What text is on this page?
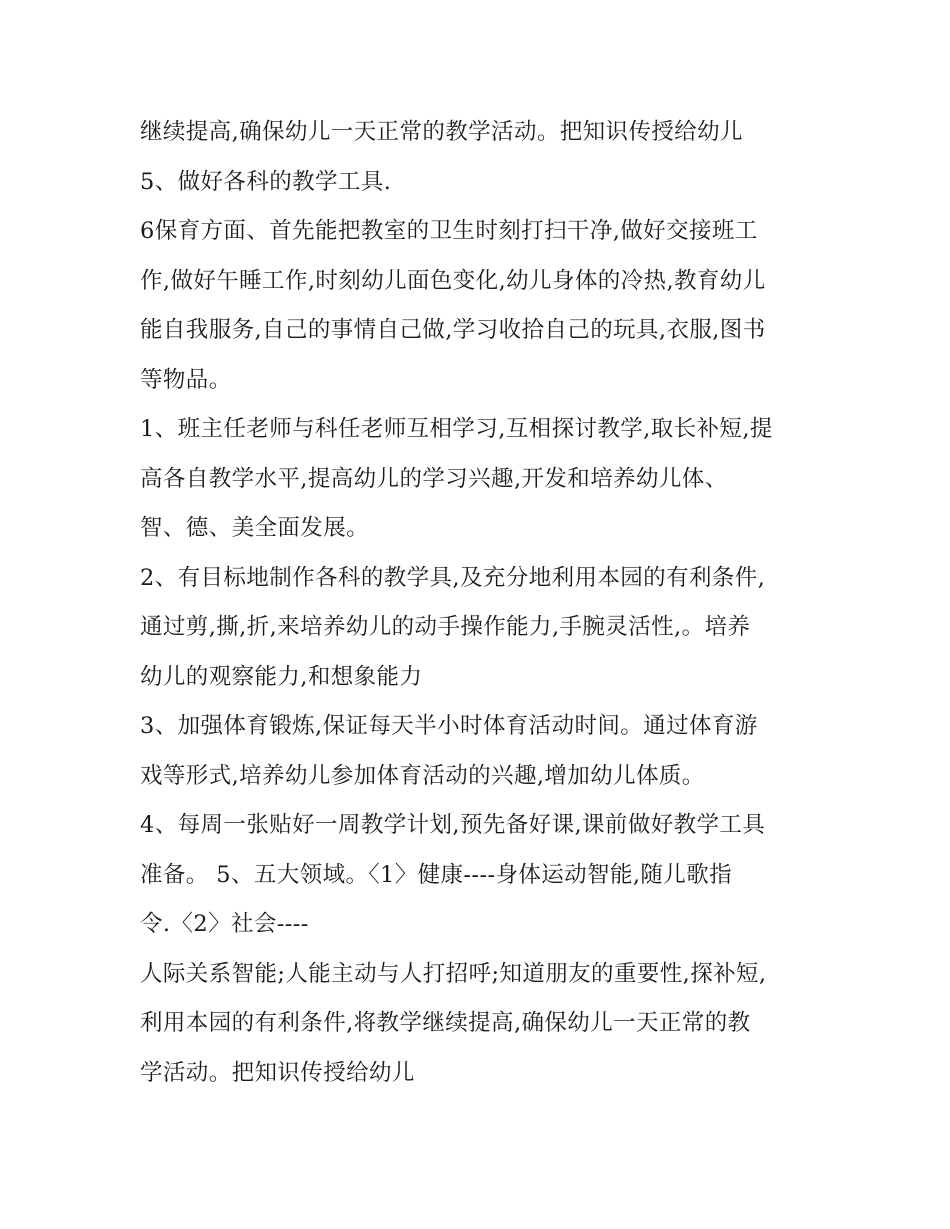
继续提高,确保幼儿一天正常的教学活动。把知识传授给幼儿
5、做好各科的教学工具.
6保育方面、首先能把教室的卫生时刻打扫干净,做好交接班工
作,做好午睡工作,时刻幼儿面色变化,幼儿身体的冷热,教育幼儿
能自我服务,自己的事情自己做,学习收拾自己的玩具,衣服,图书
等物品。
1、班主任老师与科任老师互相学习,互相探讨教学,取长补短,提
高各自教学水平,提高幼儿的学习兴趣,开发和培养幼儿体、
智、德、美全面发展。
2、有目标地制作各科的教学具,及充分地利用本园的有利条件,
通过剪,撕,折,来培养幼儿的动手操作能力,手腕灵活性,。培养
幼儿的观察能力,和想象能力
3、加强体育锻炼,保证每天半小时体育活动时间。通过体育游
戏等形式,培养幼儿参加体育活动的兴趣,增加幼儿体质。
4、每周一张贴好一周教学计划,预先备好课,课前做好教学工具
准备。 5、五大领域。〈1〉健康----身体运动智能,随儿歌指
令.〈2〉社会----
人际关系智能;人能主动与人打招呼;知道朋友的重要性,探补短,
利用本园的有利条件,将教学继续提高,确保幼儿一天正常的教
学活动。把知识传授给幼儿
